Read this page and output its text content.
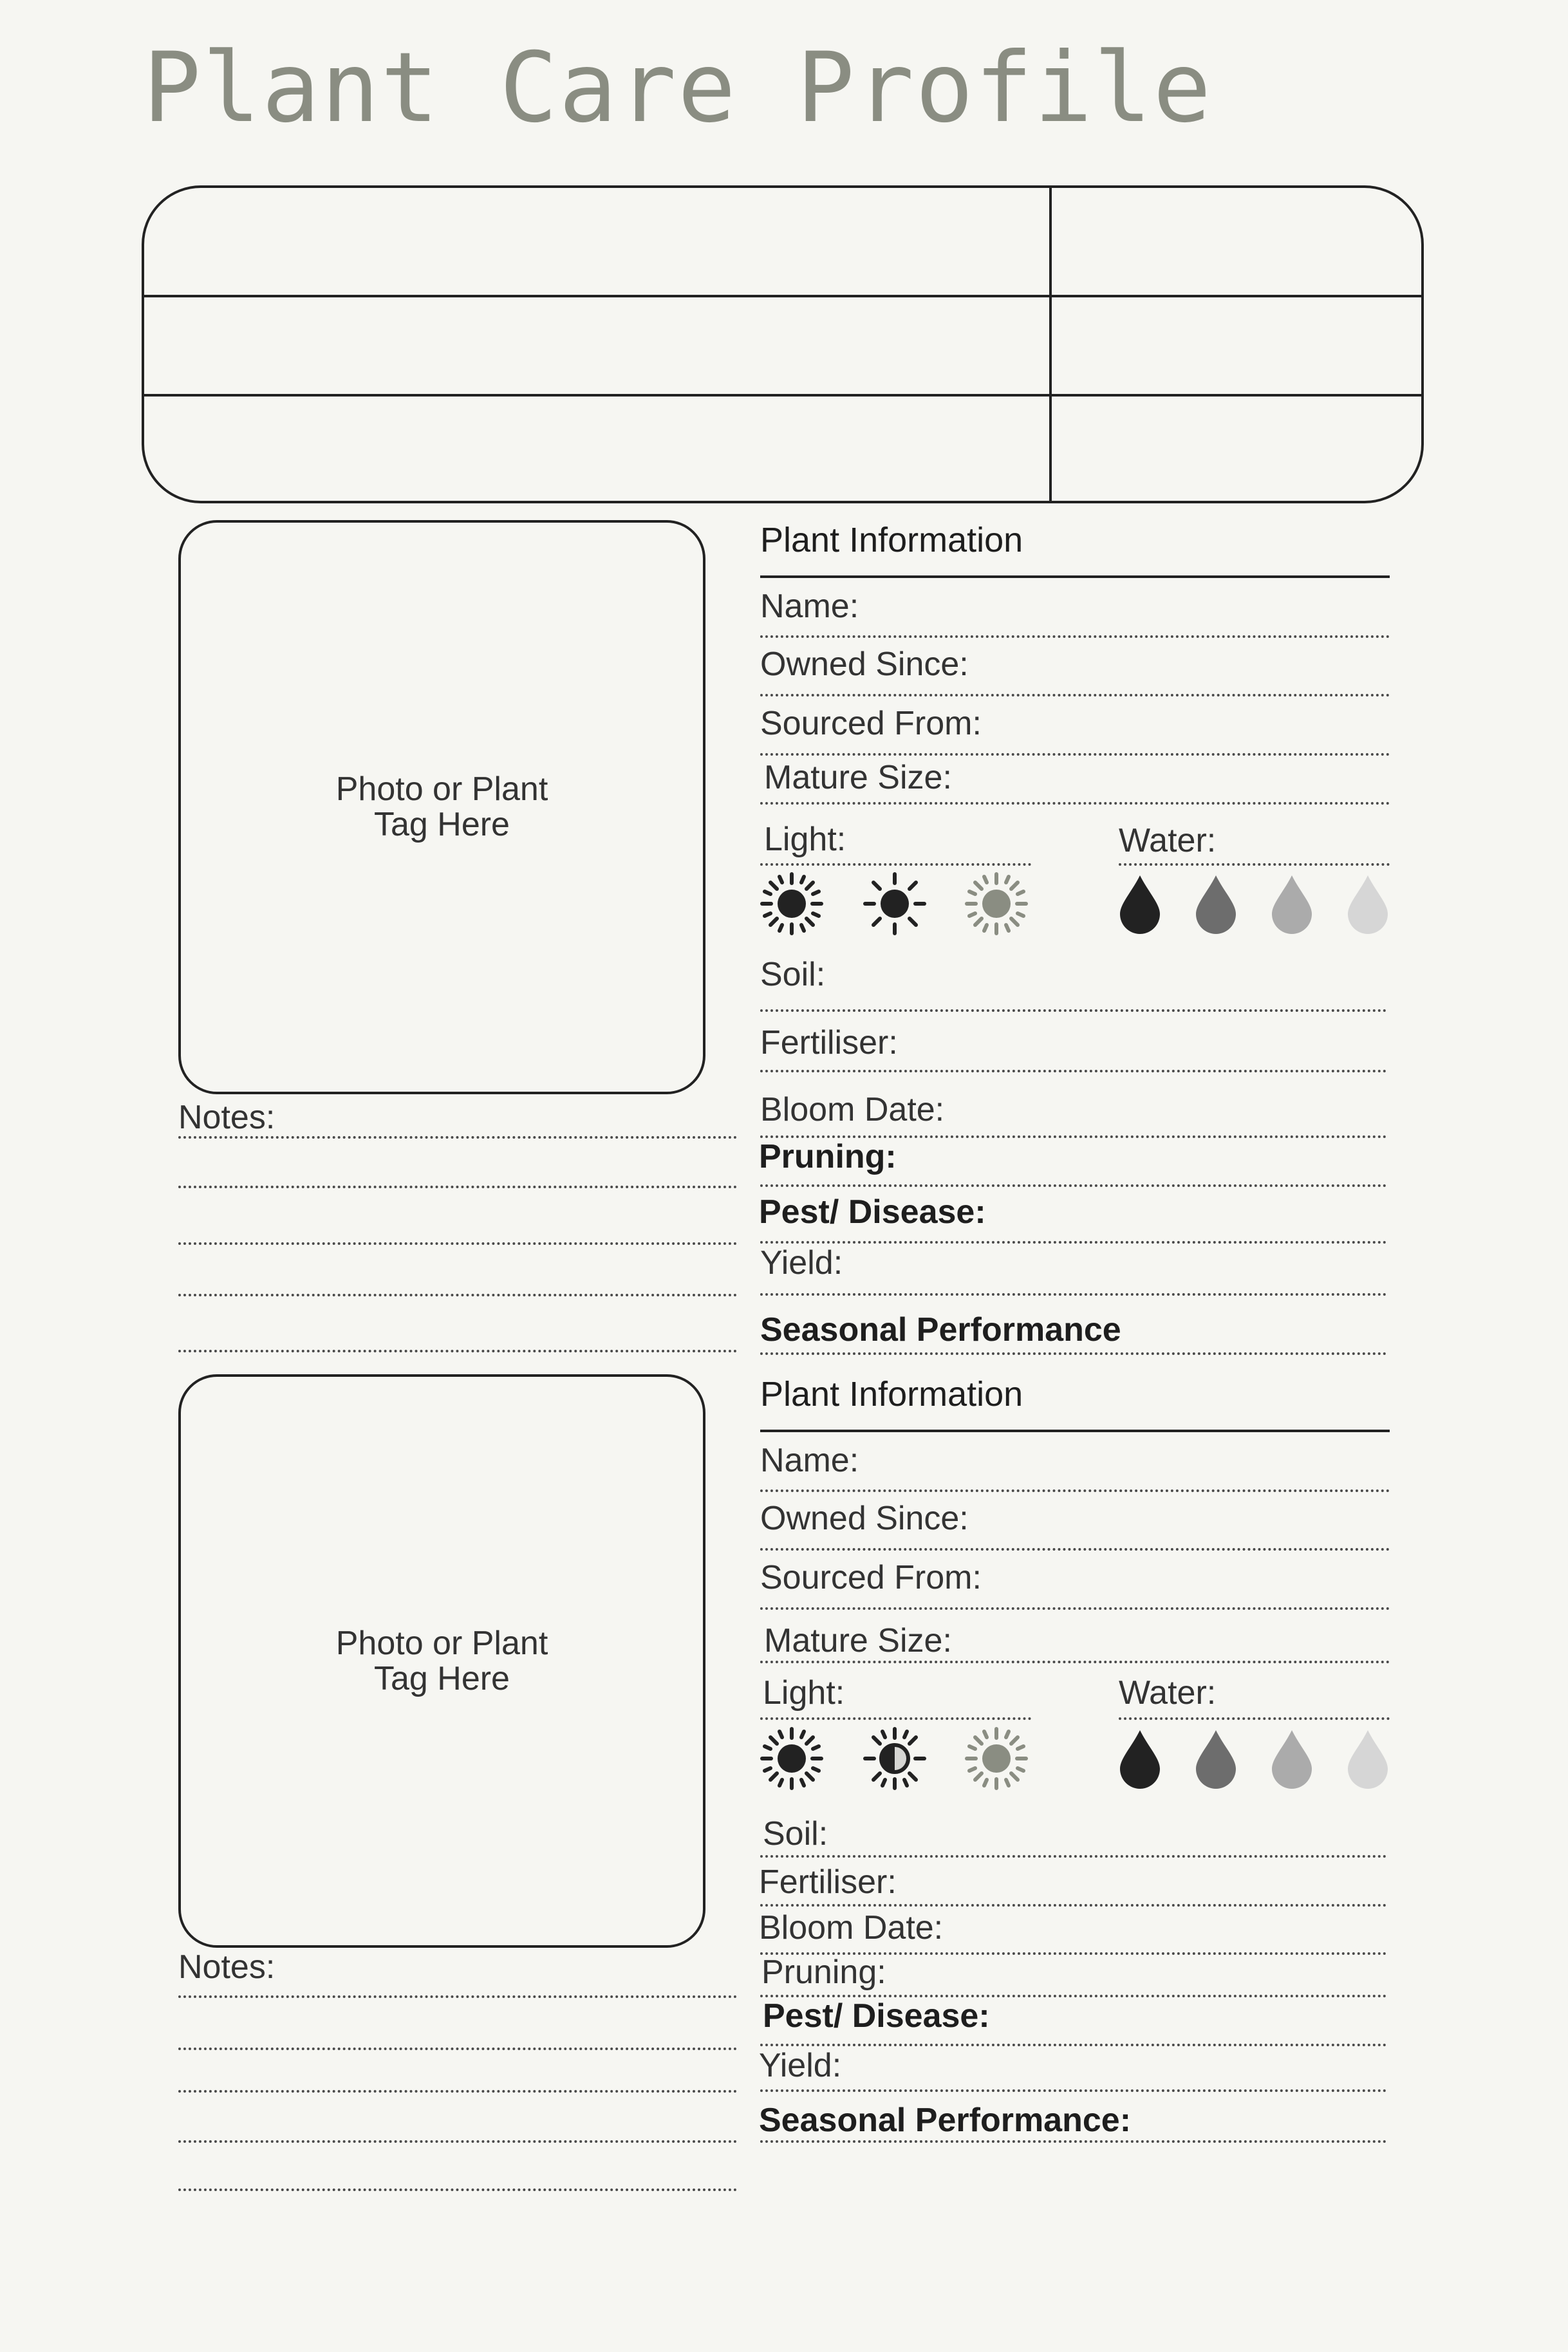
Plant Care Profile
Photo or Plant
Tag Here
Notes:
Plant Information
Name:
Owned Since:
Sourced From:
Mature Size:
Light:	Water:
Soil:
Fertiliser:
Bloom Date:
Pruning:
Pest/ Disease:
Yield:
Seasonal Performance
Photo or Plant
Tag Here
Notes:
Plant Information
Name:
Owned Since:
Sourced From:
Mature Size:
Light:	Water:
Soil:
Fertiliser:
Bloom Date:
Pruning:
Pest/ Disease:
Yield:
Seasonal Performance:
